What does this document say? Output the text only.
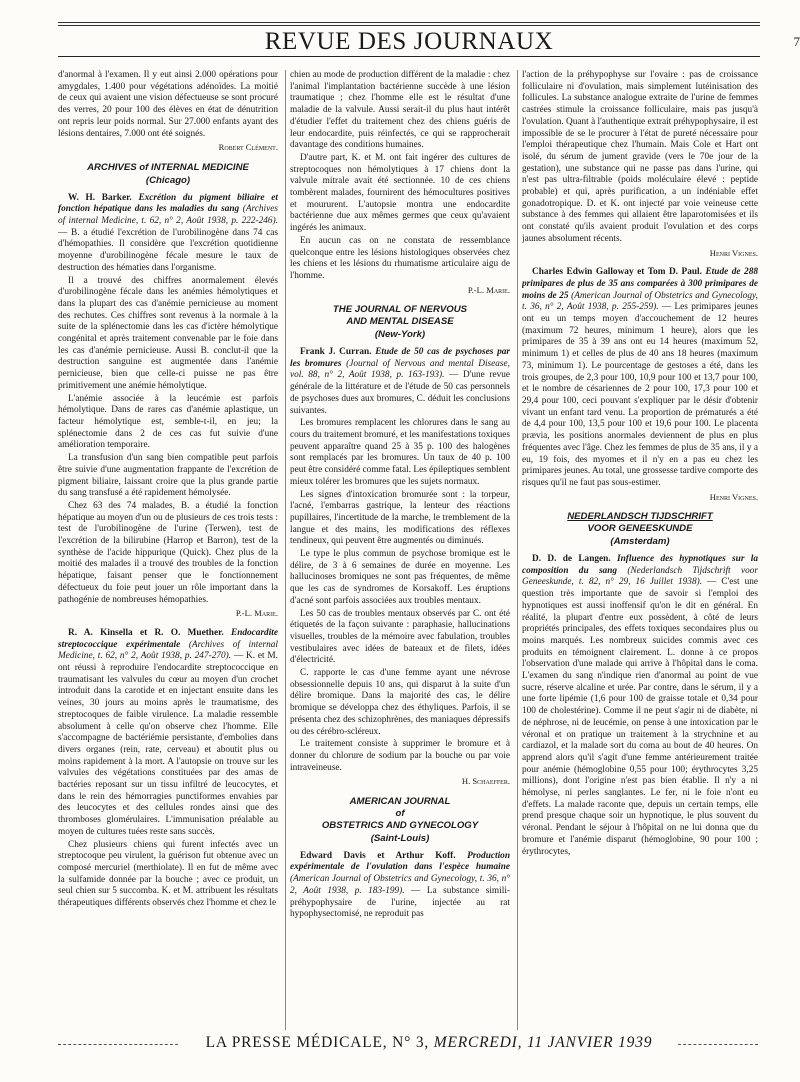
REVUE DES JOURNAUX	7

d'anormal à l'examen. Il y eut ainsi 2.000 opérations pour amygdales, 1.400 pour végétations adénoïdes. La moitié de ceux qui avaient une vision défectueuse se sont procuré des verres, 20 pour 100 des élèves en état de dénutrition ont repris leur poids normal. Sur 27.000 enfants ayant des lésions dentaires, 7.000 ont été soignés.

Robert Clément.

ARCHIVES of INTERNAL MEDICINE
(Chicago)

W. H. Barker. Excrétion du pigment biliaire et fonction hépatique dans les maladies du sang (Archives of internal Medicine, t. 62, n° 2, Août 1938, p. 222-246). — B. a étudié l'excrétion de l'urobilinogène dans 74 cas d'hémopathies. Il considère que l'excrétion quotidienne moyenne d'urobilinogène fécale mesure le taux de destruction des hématies dans l'organisme.

Il a trouvé des chiffres anormalement élevés d'urobilinogène fécale dans les anémies hémolytiques et dans la plupart des cas d'anémie pernicieuse au moment des rechutes. Ces chiffres sont revenus à la normale à la suite de la splénectomie dans les cas d'ictère hémolytique congénital et après traitement convenable par le foie dans les cas d'anémie pernicieuse. Aussi B. conclut-il que la destruction sanguine est augmentée dans l'anémie pernicieuse, bien que celle-ci puisse ne pas être primitivement une anémie hémolytique.

L'anémie associée à la leucémie est parfois hémolytique. Dans de rares cas d'anémie aplastique, un facteur hémolytique est, semble-t-il, en jeu; la splénectomie dans 2 de ces cas fut suivie d'une amélioration temporaire.

La transfusion d'un sang bien compatible peut parfois être suivie d'une augmentation frappante de l'excrétion de pigment biliaire, laissant croire que la plus grande partie du sang transfusé a été rapidement hémolysée.

Chez 63 des 74 malades, B. a étudié la fonction hépatique au moyen d'un ou de plusieurs de ces trois tests : test de l'urobilinogène de l'urine (Terwen), test de l'excrétion de la bilirubine (Harrop et Barron), test de la synthèse de l'acide hippurique (Quick). Chez plus de la moitié des malades il a trouvé des troubles de la fonction hépatique, faisant penser que le fonctionnement défectueux du foie peut jouer un rôle important dans la pathogénie de nombreuses hémopathies.

P.-L. Marie.

R. A. Kinsella et R. O. Muether. Endocardite streptococcique expérimentale (Archives of internal Medicine, t. 62, n° 2, Août 1938, p. 247-270). — K. et M. ont réussi à reproduire l'endocardite streptococcique en traumatisant les valvules du cœur au moyen d'un crochet introduit dans la carotide et en injectant ensuite dans les veines, 30 jours au moins après le traumatisme, des streptocoques de faible virulence. La maladie ressemble absolument à celle qu'on observe chez l'homme. Elle s'accompagne de bactériémie persistante, d'embolies dans divers organes (rein, rate, cerveau) et aboutit plus ou moins rapidement à la mort. A l'autopsie on trouve sur les valvules des végétations constituées par des amas de bactéries reposant sur un tissu infiltré de leucocytes, et dans le rein des hémorragies punctiformes envahies par des leucocytes et des cellules rondes ainsi que des thromboses glomérulaires. L'immunisation préalable au moyen de cultures tuées reste sans succès.

Chez plusieurs chiens qui furent infectés avec un streptocoque peu virulent, la guérison fut obtenue avec un composé mercuriel (merthiolate). Il en fut de même avec la sulfamide donnée par la bouche ; avec ce produit, un seul chien sur 5 succomba. K. et M. attribuent les résultats thérapeutiques différents observés chez l'homme et chez le

chien au mode de production différent de la maladie : chez l'animal l'implantation bactérienne succède à une lésion traumatique ; chez l'homme elle est le résultat d'une maladie de la valvule. Aussi serait-il du plus haut intérêt d'étudier l'effet du traitement chez des chiens guéris de leur endocardite, puis réinfectés, ce qui se rapprocherait davantage des conditions humaines.

D'autre part, K. et M. ont fait ingérer des cultures de streptocoques non hémolytiques à 17 chiens dont la valvule mitrale avait été sectionnée. 10 de ces chiens tombèrent malades, fournirent des hémocultures positives et moururent. L'autopsie montra une endocardite bactérienne due aux mêmes germes que ceux qu'avaient ingérés les animaux.

En aucun cas on ne constata de ressemblance quelconque entre les lésions histologiques observées chez les chiens et les lésions du rhumatisme articulaire aigu de l'homme.

P.-L. Marie.

THE JOURNAL OF NERVOUS
AND MENTAL DISEASE
(New-York)

Frank J. Curran. Etude de 50 cas de psychoses par les bromures (Journal of Nervous and mental Disease, vol. 88, n° 2, Août 1938, p. 163-193). — D'une revue générale de la littérature et de l'étude de 50 cas personnels de psychoses dues aux bromures, C. déduit les conclusions suivantes.

Les bromures remplacent les chlorures dans le sang au cours du traitement bromuré, et les manifestations toxiques peuvent apparaître quand 25 à 35 p. 100 des halogènes sont remplacés par les bromures. Un taux de 40 p. 100 peut être considéré comme fatal. Les épileptiques semblent mieux tolérer les bromures que les sujets normaux.

Les signes d'intoxication bromurée sont : la torpeur, l'acné, l'embarras gastrique, la lenteur des réactions pupillaires, l'incertitude de la marche, le tremblement de la langue et des mains, les modifications des réflexes tendineux, qui peuvent être augmentés ou diminués.

Le type le plus commun de psychose bromique est le délire, de 3 à 6 semaines de durée en moyenne. Les hallucinoses bromiques ne sont pas fréquentes, de même que les cas de syndromes de Korsakoff. Les éruptions d'acné sont parfois associées aux troubles mentaux.

Les 50 cas de troubles mentaux observés par C. ont été étiquetés de la façon suivante : paraphasie, hallucinations visuelles, troubles de la mémoire avec fabulation, troubles vestibulaires avec idées de bateaux et de filets, idées d'électricité.

C. rapporte le cas d'une femme ayant une névrose obsessionnelle depuis 10 ans, qui disparut à la suite d'un délire bromique. Dans la majorité des cas, le délire bromique se développa chez des éthyliques. Parfois, il se présenta chez des schizophrènes, des maniaques dépressifs ou des cérébro-scléreux.

Le traitement consiste à supprimer le bromure et à donner du chlorure de sodium par la bouche ou par voie intraveineuse.

H. Schaeffer.

AMERICAN JOURNAL
of
OBSTETRICS AND GYNECOLOGY
(Saint-Louis)

Edward Davis et Arthur Koff. Production expérimentale de l'ovulation dans l'espèce humaine (American Journal of Obstetrics and Gynecology, t. 36, n° 2, Août 1938, p. 183-199). — La substance simili-préhypophysaire de l'urine, injectée au rat hypophysectomisé, ne reproduit pas

l'action de la préhypophyse sur l'ovaire : pas de croissance folliculaire ni d'ovulation, mais simplement lutéinisation des follicules. La substance analogue extraite de l'urine de femmes castrées stimule la croissance folliculaire, mais pas jusqu'à l'ovulation. Quant à l'authentique extrait préhypophysaire, il est impossible de se le procurer à l'état de pureté nécessaire pour l'emploi thérapeutique chez l'humain. Mais Cole et Hart ont isolé, du sérum de jument gravide (vers le 70e jour de la gestation), une substance qui ne passe pas dans l'urine, qui n'est pas ultra-filtrable (poids moléculaire élevé : peptide probable) et qui, après purification, a un indéniable effet gonadotropique. D. et K. ont injecté par voie veineuse cette substance à des femmes qui allaient être laparotomisées et ils ont constaté qu'ils avaient produit l'ovulation et des corps jaunes absolument récents.

Henri Vignes.

Charles Edwin Galloway et Tom D. Paul. Etude de 288 primipares de plus de 35 ans comparées à 300 primipares de moins de 25 (American Journal of Obstetrics and Gynecology, t. 36, n° 2, Août 1938, p. 255-259). — Les primipares jeunes ont eu un temps moyen d'accouchement de 12 heures (maximum 72 heures, minimum 1 heure), alors que les primipares de 35 à 39 ans ont eu 14 heures (maximum 52, minimum 1) et celles de plus de 40 ans 18 heures (maximum 73, minimum 1). Le pourcentage de gestoses a été, dans les trois groupes, de 2,3 pour 100, 10,9 pour 100 et 13,7 pour 100, et le nombre de césariennes de 2 pour 100, 17,3 pour 100 et 29,4 pour 100, ceci pouvant s'expliquer par le désir d'obtenir vivant un enfant tard venu. La proportion de prématurés a été de 4,4 pour 100, 13,5 pour 100 et 19,6 pour 100. Le placenta prævia, les positions anormales deviennent de plus en plus fréquentes avec l'âge. Chez les femmes de plus de 35 ans, il y a eu, 19 fois, des myomes et il n'y en a pas eu chez les primipares jeunes. Au total, une grossesse tardive comporte des risques qu'il ne faut pas sous-estimer.

Henri Vignes.

NEDERLANDSCH TIJDSCHRIFT
VOOR GENEESKUNDE
(Amsterdam)

D. D. de Langen. Influence des hypnotiques sur la composition du sang (Nederlandsch Tijdschrift voor Geneeskunde, t. 82, n° 29, 16 Juillet 1938). — C'est une question très importante que de savoir si l'emploi des hypnotiques est aussi inoffensif qu'on le dit en général. En réalité, la plupart d'entre eux possèdent, à côté de leurs propriétés principales, des effets toxiques secondaires plus ou moins marqués. Les nombreux suicides commis avec ces produits en témoignent clairement. L. donne à ce propos l'observation d'une malade qui arrive à l'hôpital dans le coma. L'examen du sang n'indique rien d'anormal au point de vue sucre, réserve alcaline et urée. Par contre, dans le sérum, il y a une forte lipémie (1,6 pour 100 de graisse totale et 0,34 pour 100 de cholestérine). Comme il ne peut s'agir ni de diabète, ni de néphrose, ni de leucémie, on pense à une intoxication par le véronal et on pratique un traitement à la strychnine et au cardiazol, et la malade sort du coma au bout de 40 heures. On apprend alors qu'il s'agit d'une femme antérieurement traitée pour anémie (hémoglobine 0,55 pour 100; érythrocytes 3,25 millions), dont l'origine n'est pas bien établie. Il n'y a ni hémolyse, ni perles sanglantes. Le fer, ni le foie n'ont eu d'effets. La malade raconte que, depuis un certain temps, elle prend presque chaque soir un hypnotique, le plus souvent du véronal. Pendant le séjour à l'hôpital on ne lui donna que du bromure et l'anémie disparut (hémoglobine, 90 pour 100 ; érythrocytes,

LA PRESSE MÉDICALE, N° 3, MERCREDI, 11 JANVIER 1939
